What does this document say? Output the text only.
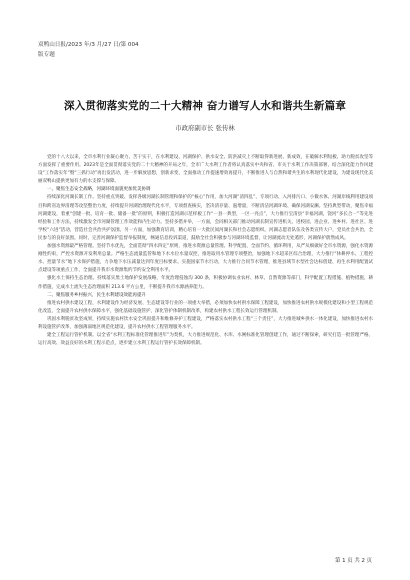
双鸭山日报/2023 年/3 月/27 日/第 004
版专题
深入贯彻落实党的二十大精神 奋力谱写人水和谐共生新篇章
市政府副市长 张传林

党的十八大以来，全市水利行业凝心聚力、苦干实干，在水利建设、河湖保护、供水安全、防洪减灾上不断取得新进展、新成效，在破解水利短板、助力脱贫攻坚等方面发挥了重要作用。2023年是全面贯彻落实党的二十大精神的开局之年，全市广大水利工作者将认真落实中央和省、市关于水利工作决策部署，结合深化能力作风建设“工作落实年”暨“三抓行动”再出发活动，进一步解放思想，创新求变，全面推动工作提速增效再提升，不断推进人与自然和谐共生的水利现代化建设，为建设现代化美丽双鸭山提供更加有力的水支撑与保障。

一、聚焦生态安全战略，河湖环境面貌更加优美协调

持续深化河湖长制工作。坚持重点突破、发挥各级河湖长制管理和保护的“核心”作用，加大河湖“清四乱”、专项行动、入河排污口、小微水体、河湖岸线利用建设项目和跨省边界清理等攻坚整治力度，持续提升河湖治理现代化水平，专项督查核实，坚决清存量、遏增量，不断清洁河湖环境、确保河湖安澜。坚持典型带动，聚焦幸福河湖建设，着重“创建一批、培育一批、储备一批”的原则，积极打造河湖示范样板工作“一县一典型，一区一亮点”，大力推行宝清县“幸福河湖，饶河“多长合一”等先进经验和工作方法，持续激发全市河湖管理工作效能和内生动力。坚持多措并举，一方面，会同相关部门推动河湖长制宣传进机关、进校园、进企业、进乡村、进社区、进学校“六进”活动，营造社会共治共护氛围。另一方面，加强教育培训，精心培育一大批民间河湖长和社会志愿组织。河湖志愿者队伍及各类宣传大户，党员社会共治，全民参与的良好氛围。同时，完善河湖保护监督举报制度，畅通信息投诉渠道，鼓励全社会积极参与河湖环境监督，让河湖流动无处遁形，河湖保护蔚然成风。

加强水资源最严格管理。坚持节水优先，全面贯彻“四水四定”原则，推进水资源总量管理、科学配置、全面节约、循环利用，从严从细做好全市水资源，强化水资源刚性约束，严控水资源开发利用总量。严格生态流量监管和地下水水位水量双控，推进取用水管理专项整治，加强地下水超采区综合治理，大力推行“休耕停水、工程控水、控量节水”地下水保护措施，力争地下水压减量达到年度目标要求。实施国家节水行动，大力推行合同节水管理，推进县域节水型社会达标创建、再生水利用配置试点建设等项重点工作，全面提升我市水资源集约节约安全利用水平。

强化水土保持生态治理。持续落实黑土地保护发展战略，年度治理侵蚀沟 300 条，积极协调农业农村、林草、自然资源等部门，科学配置工程措施、植物措施、耕作措施，完成水土流失生态治理面积 213.6 平方公里，不断提升我市水源涵养能力。

二、聚焦服务乡村振兴，民生水利建设效能再提升

推进农村供水建设工程，水利建设作为经济发展、生态建设等行业的一项重大举措，必须加快农村供水保障工程建设，加快推进农村供水规模化建设和小型工程规范化改造，全面提升农村供水保障水平，强化基础设施管护，深化管护体制机制改革，构建农村供水工程长效运行管理机制。

巩固水利脱贫攻坚成果，持续实施农村饮水安全巩固提升和维修养护工程建设，严格落实农村供水工程“三个责任”，大力推进城乡供水一体化建设，加快推进农村水利设施管护改革，加强薄弱地区规范化建设，提升农村供水工程管理服务水平。

建全工程运行管护机制。以全省“水利工程标准化管理推进年”为契机，大力推进规范化、水库、水闸标准化管理创建工作，通过不断探索，研究打造一批管理严格、运行高效、效益良好的水利工程示范点，逐步建立水利工程运行管护长效保障机制。

第 1 页 共 2 页
